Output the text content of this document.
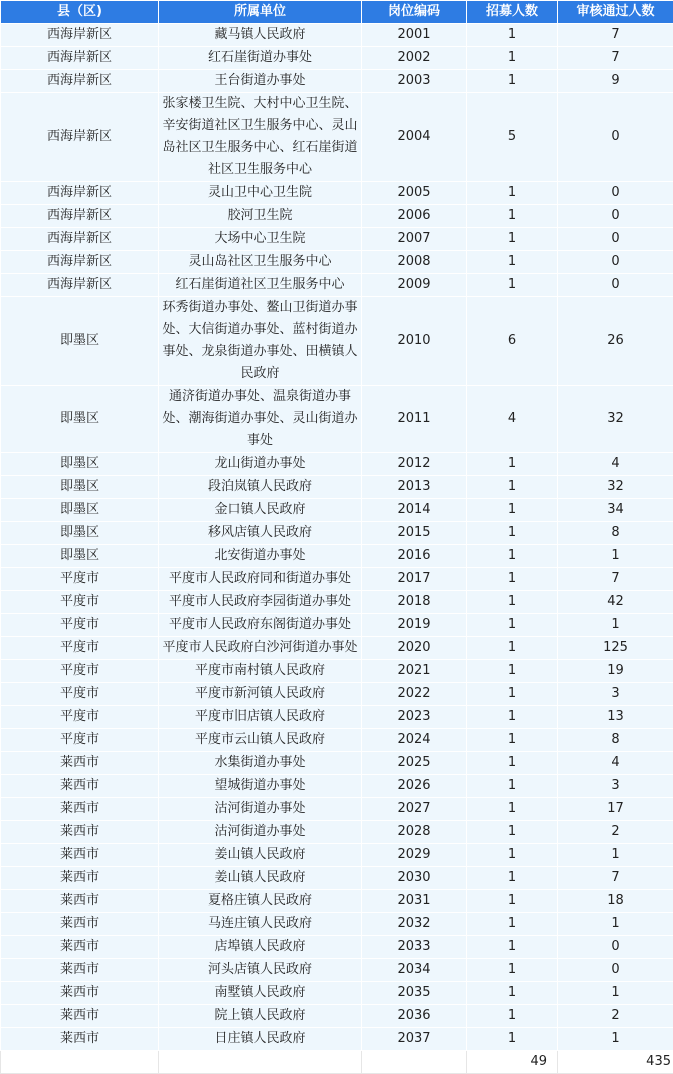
县（区)	所属单位	岗位编码	招募人数	审核通过人数
西海岸新区	藏马镇人民政府	2001	1	7
西海岸新区	红石崖街道办事处	2002	1	7
西海岸新区	王台街道办事处	2003	1	9
西海岸新区	张家楼卫生院、大村中心卫生院、辛安街道社区卫生服务中心、灵山岛社区卫生服务中心、红石崖街道社区卫生服务中心	2004	5	0
西海岸新区	灵山卫中心卫生院	2005	1	0
西海岸新区	胶河卫生院	2006	1	0
西海岸新区	大场中心卫生院	2007	1	0
西海岸新区	灵山岛社区卫生服务中心	2008	1	0
西海岸新区	红石崖街道社区卫生服务中心	2009	1	0
即墨区	环秀街道办事处、鳌山卫街道办事处、大信街道办事处、蓝村街道办事处、龙泉街道办事处、田横镇人民政府	2010	6	26
即墨区	通济街道办事处、温泉街道办事处、潮海街道办事处、灵山街道办事处	2011	4	32
即墨区	龙山街道办事处	2012	1	4
即墨区	段泊岚镇人民政府	2013	1	32
即墨区	金口镇人民政府	2014	1	34
即墨区	移风店镇人民政府	2015	1	8
即墨区	北安街道办事处	2016	1	1
平度市	平度市人民政府同和街道办事处	2017	1	7
平度市	平度市人民政府李园街道办事处	2018	1	42
平度市	平度市人民政府东阁街道办事处	2019	1	1
平度市	平度市人民政府白沙河街道办事处	2020	1	125
平度市	平度市南村镇人民政府	2021	1	19
平度市	平度市新河镇人民政府	2022	1	3
平度市	平度市旧店镇人民政府	2023	1	13
平度市	平度市云山镇人民政府	2024	1	8
莱西市	水集街道办事处	2025	1	4
莱西市	望城街道办事处	2026	1	3
莱西市	沽河街道办事处	2027	1	17
莱西市	沽河街道办事处	2028	1	2
莱西市	姜山镇人民政府	2029	1	1
莱西市	姜山镇人民政府	2030	1	7
莱西市	夏格庄镇人民政府	2031	1	18
莱西市	马连庄镇人民政府	2032	1	1
莱西市	店埠镇人民政府	2033	1	0
莱西市	河头店镇人民政府	2034	1	0
莱西市	南墅镇人民政府	2035	1	1
莱西市	院上镇人民政府	2036	1	2
莱西市	日庄镇人民政府	2037	1	1
			49	435
